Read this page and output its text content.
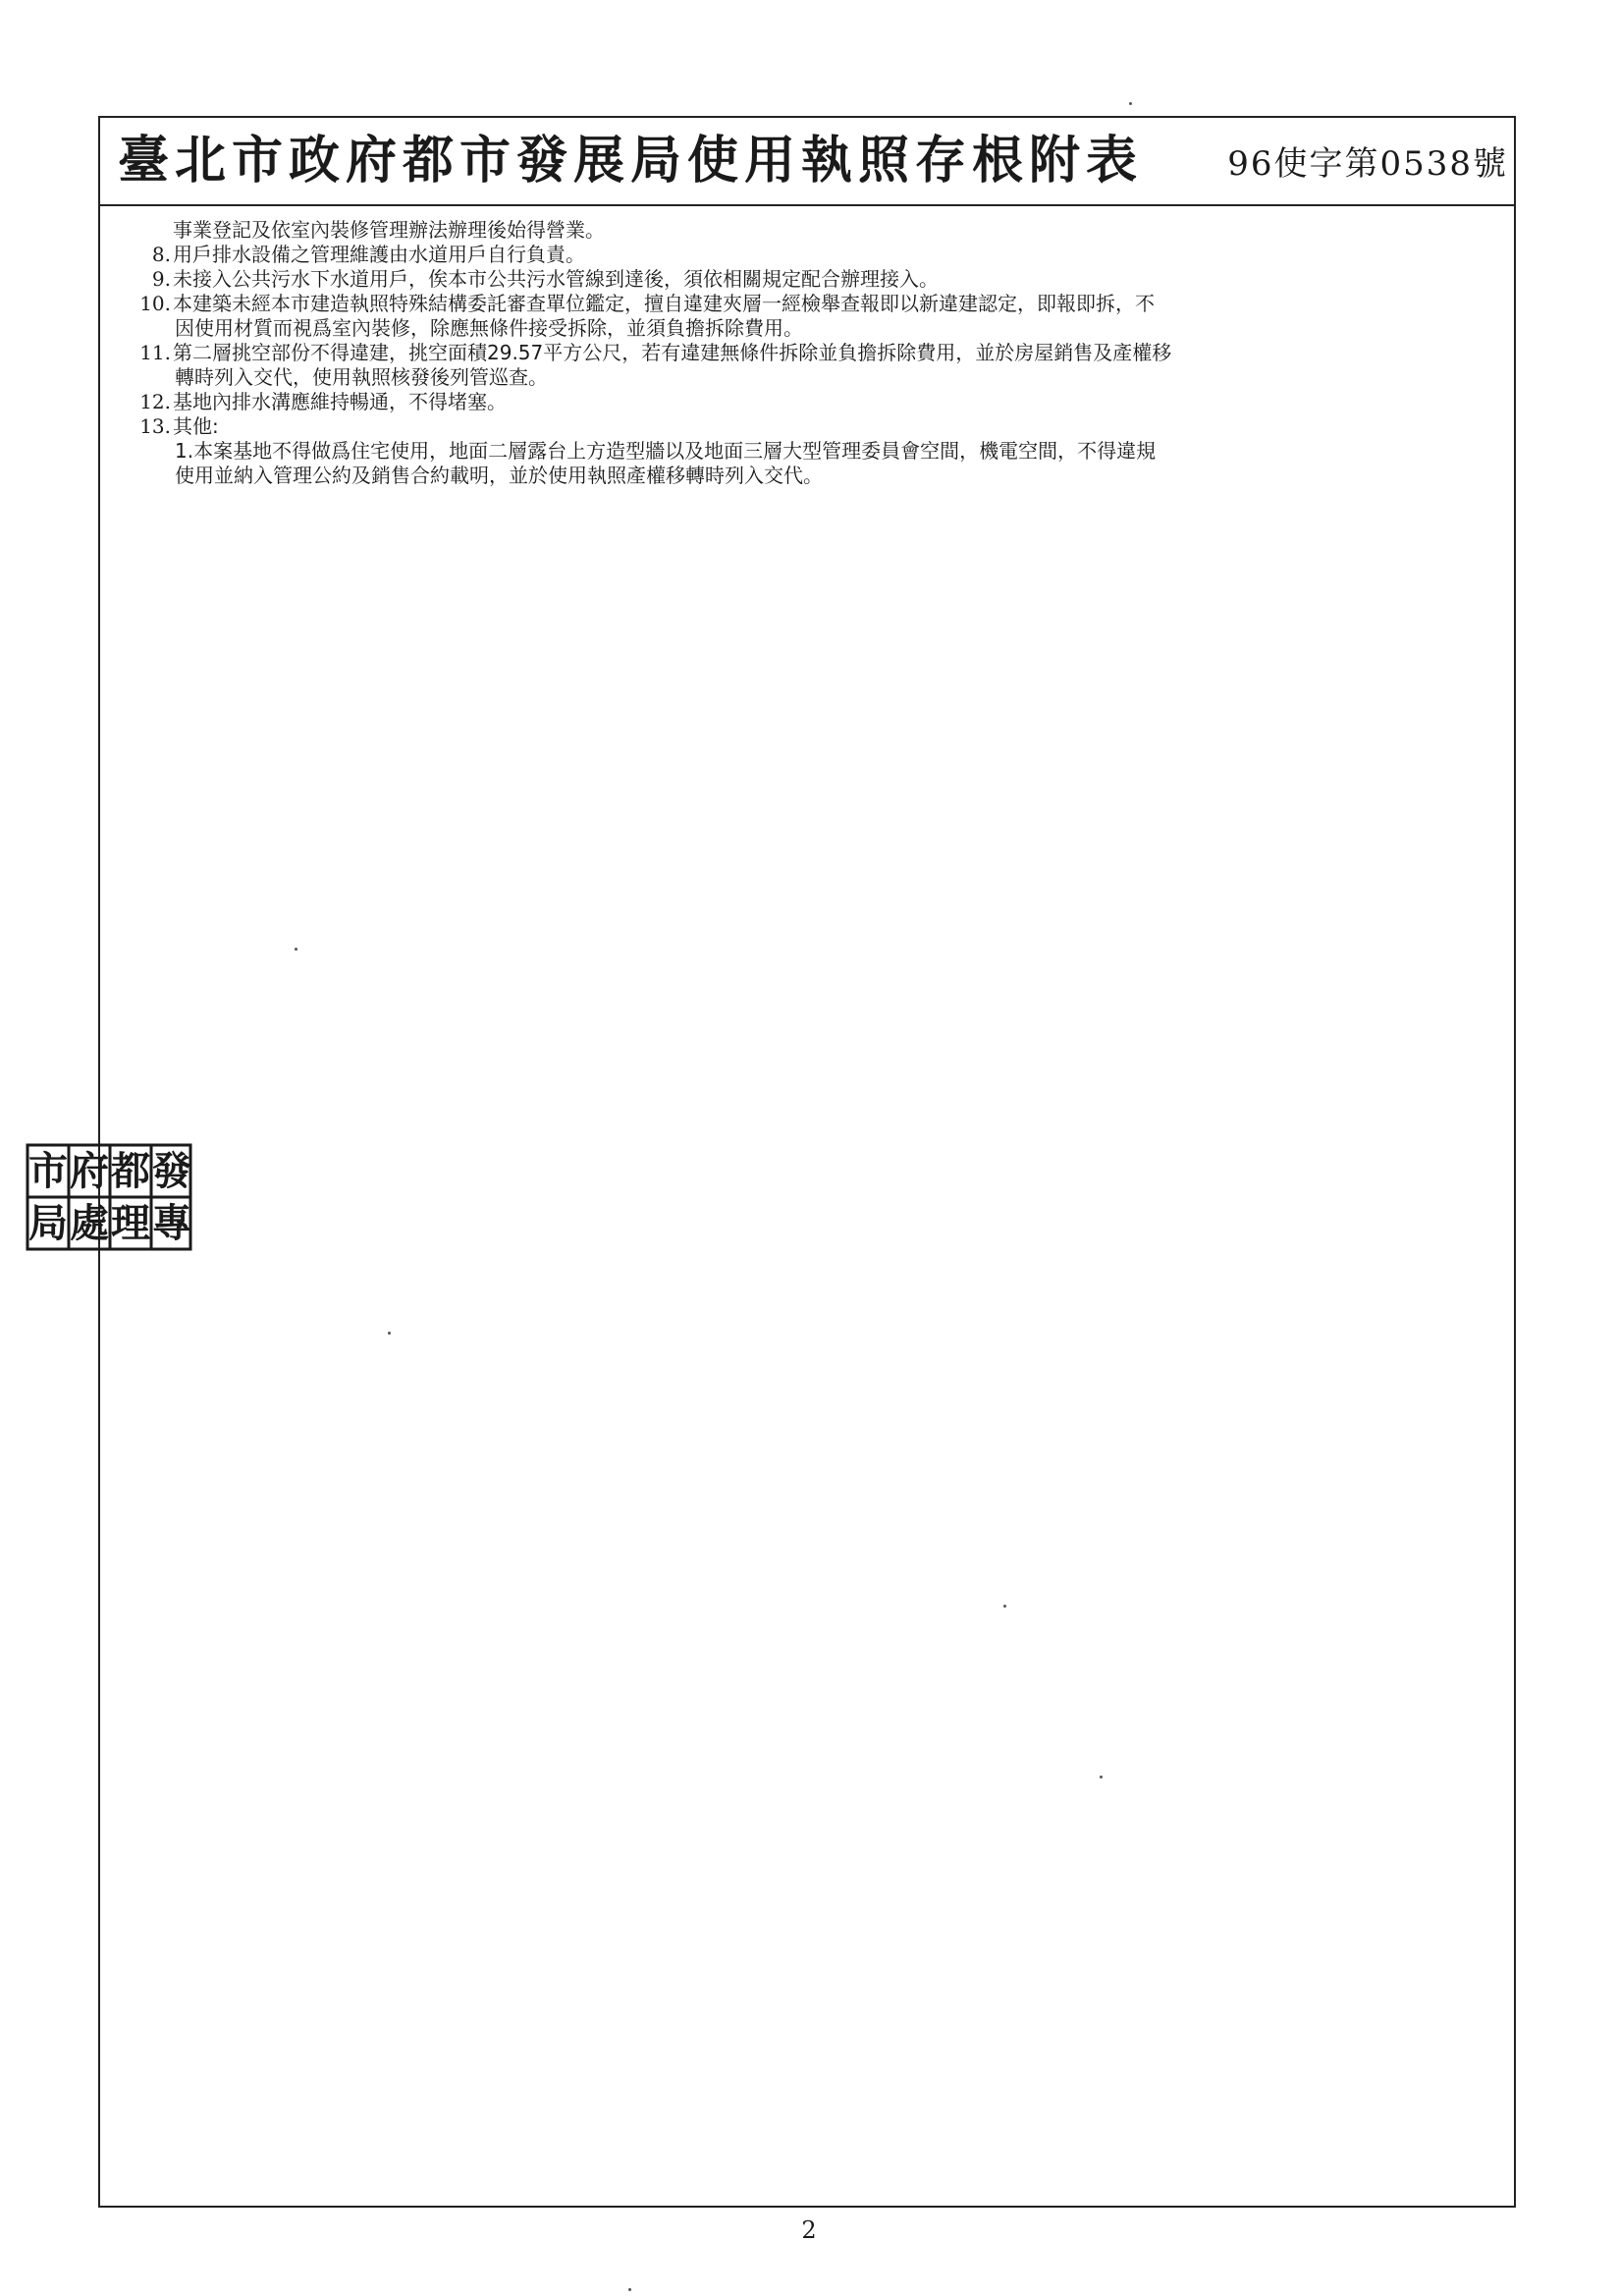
臺北市政府都市發展局使用執照存根附表	96使字第0538號
事業登記及依室內裝修管理辦法辦理後始得營業。
8. 用戶排水設備之管理維護由水道用戶自行負責。
9. 未接入公共污水下水道用戶，俟本市公共污水管線到達後，須依相關規定配合辦理接入。
10. 本建築未經本市建造執照特殊結構委託審查單位鑑定，擅自違建夾層一經檢舉查報即以新違建認定，即報即拆，不
因使用材質而視爲室內裝修，除應無條件接受拆除，並須負擔拆除費用。
11. 第二層挑空部份不得違建，挑空面積29.57平方公尺，若有違建無條件拆除並負擔拆除費用，並於房屋銷售及產權移
轉時列入交代，使用執照核發後列管巡查。
12. 基地內排水溝應維持暢通，不得堵塞。
13. 其他:
1.本案基地不得做爲住宅使用，地面二層露台上方造型牆以及地面三層大型管理委員會空間，機電空間，不得違規
使用並納入管理公約及銷售合約載明，並於使用執照產權移轉時列入交代。
市 府 都 發
局 處 理 專
2
